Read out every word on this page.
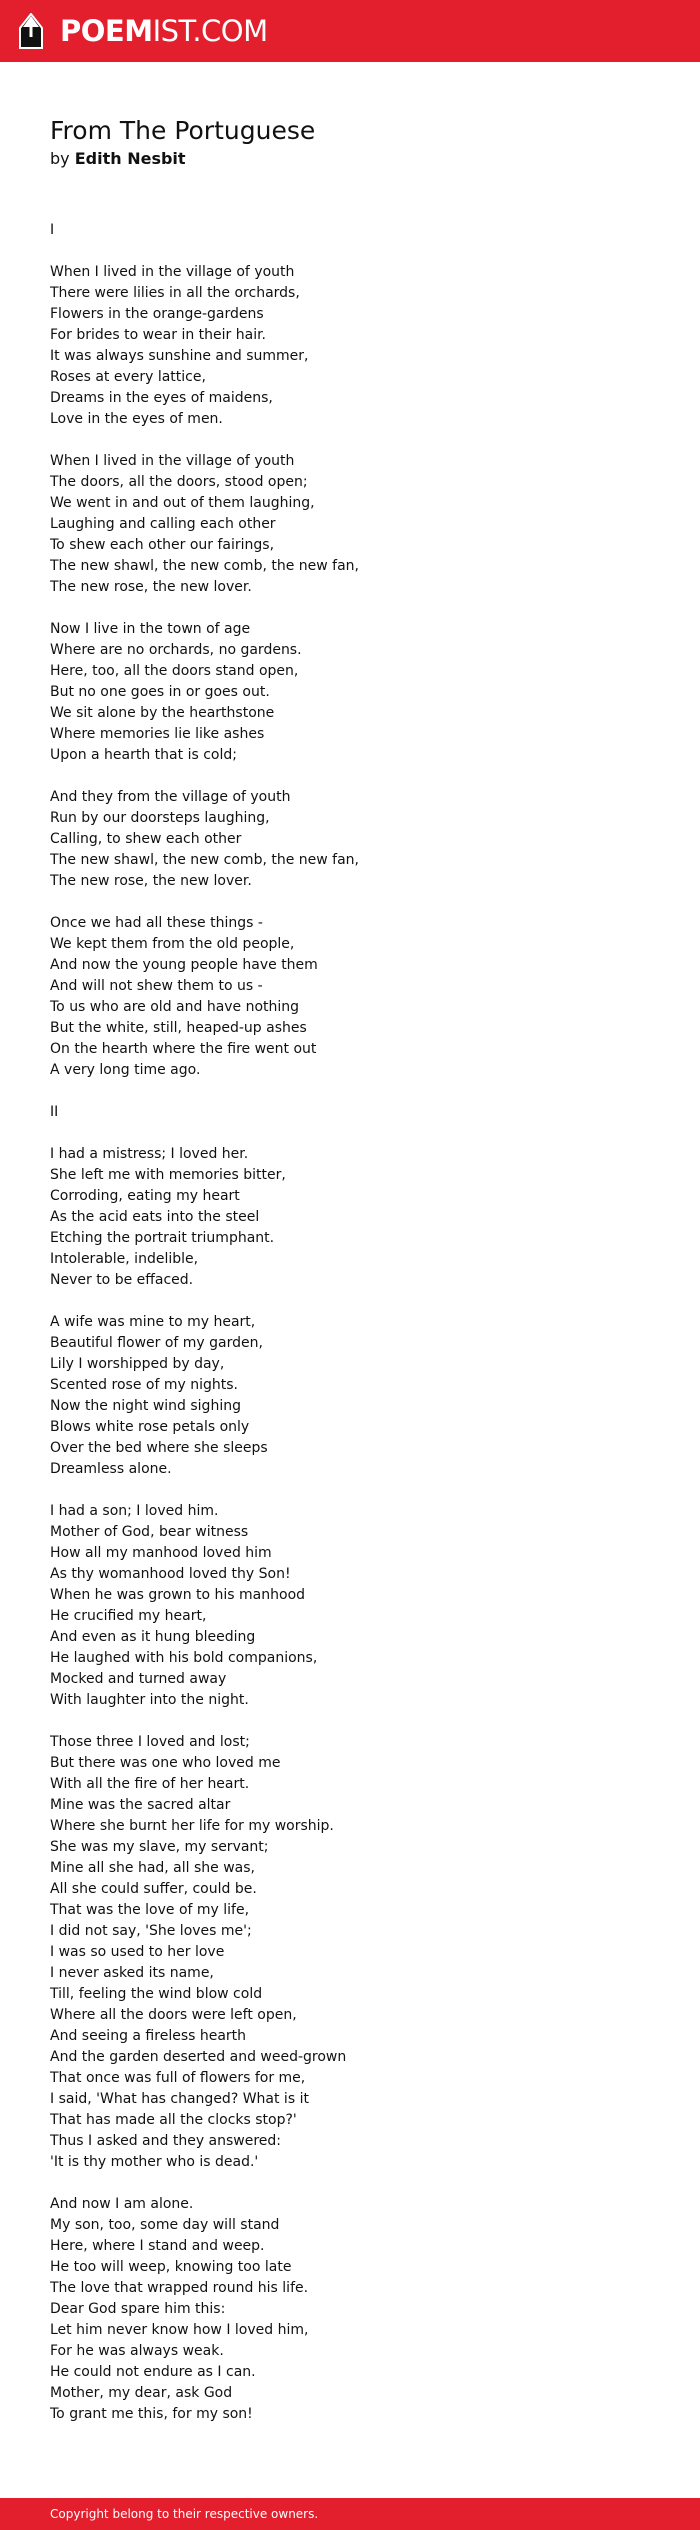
POEMIST.COM
From The Portuguese
by Edith Nesbit
I
When I lived in the village of youth
There were lilies in all the orchards,
Flowers in the orange-gardens
For brides to wear in their hair.
It was always sunshine and summer,
Roses at every lattice,
Dreams in the eyes of maidens,
Love in the eyes of men.
When I lived in the village of youth
The doors, all the doors, stood open;
We went in and out of them laughing,
Laughing and calling each other
To shew each other our fairings,
The new shawl, the new comb, the new fan,
The new rose, the new lover.
Now I live in the town of age
Where are no orchards, no gardens.
Here, too, all the doors stand open,
But no one goes in or goes out.
We sit alone by the hearthstone
Where memories lie like ashes
Upon a hearth that is cold;
And they from the village of youth
Run by our doorsteps laughing,
Calling, to shew each other
The new shawl, the new comb, the new fan,
The new rose, the new lover.
Once we had all these things -
We kept them from the old people,
And now the young people have them
And will not shew them to us -
To us who are old and have nothing
But the white, still, heaped-up ashes
On the hearth where the fire went out
A very long time ago.
II
I had a mistress; I loved her.
She left me with memories bitter,
Corroding, eating my heart
As the acid eats into the steel
Etching the portrait triumphant.
Intolerable, indelible,
Never to be effaced.
A wife was mine to my heart,
Beautiful flower of my garden,
Lily I worshipped by day,
Scented rose of my nights.
Now the night wind sighing
Blows white rose petals only
Over the bed where she sleeps
Dreamless alone.
I had a son; I loved him.
Mother of God, bear witness
How all my manhood loved him
As thy womanhood loved thy Son!
When he was grown to his manhood
He crucified my heart,
And even as it hung bleeding
He laughed with his bold companions,
Mocked and turned away
With laughter into the night.
Those three I loved and lost;
But there was one who loved me
With all the fire of her heart.
Mine was the sacred altar
Where she burnt her life for my worship.
She was my slave, my servant;
Mine all she had, all she was,
All she could suffer, could be.
That was the love of my life,
I did not say, 'She loves me';
I was so used to her love
I never asked its name,
Till, feeling the wind blow cold
Where all the doors were left open,
And seeing a fireless hearth
And the garden deserted and weed-grown
That once was full of flowers for me,
I said, 'What has changed? What is it
That has made all the clocks stop?'
Thus I asked and they answered:
'It is thy mother who is dead.'
And now I am alone.
My son, too, some day will stand
Here, where I stand and weep.
He too will weep, knowing too late
The love that wrapped round his life.
Dear God spare him this:
Let him never know how I loved him,
For he was always weak.
He could not endure as I can.
Mother, my dear, ask God
To grant me this, for my son!
Copyright belong to their respective owners.
